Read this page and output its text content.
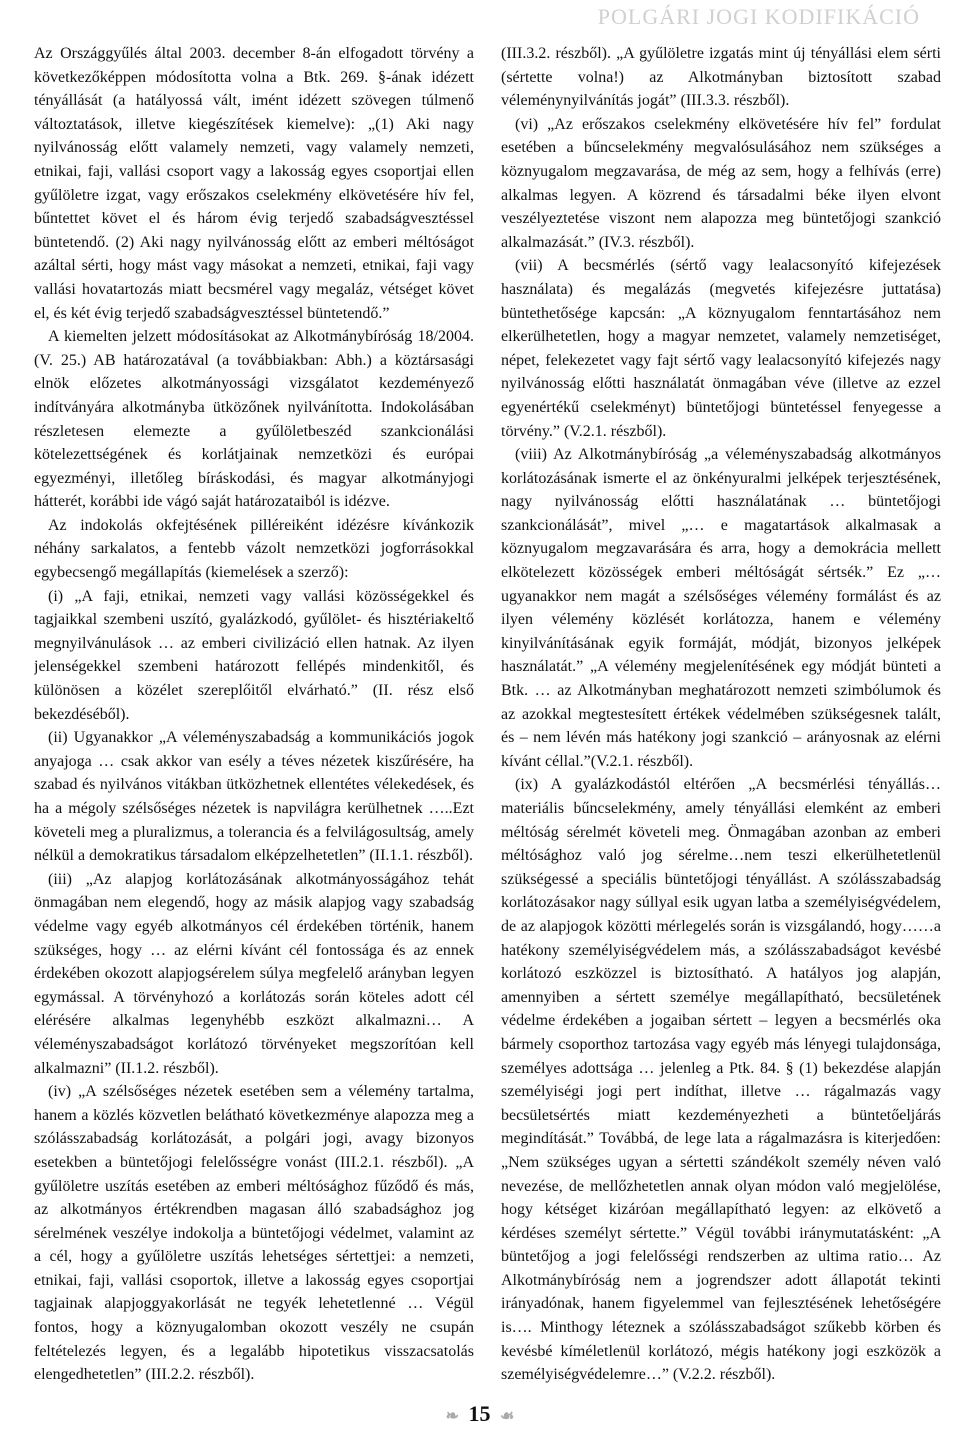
POLGÁRI JOGI KODIFIKÁCIÓ

Az Országgyűlés által 2003. december 8-án elfogadott törvény a következőképpen módosította volna a Btk. 269. §-ának idézett tényállását (a hatályossá vált, imént idézett szövegen túlmenő változtatások, illetve kiegészítések kiemelve): „(1) Aki nagy nyilvánosság előtt valamely nemzeti, vagy valamely nemzeti, etnikai, faji, vallási csoport vagy a lakosság egyes csoportjai ellen gyűlöletre izgat, vagy erőszakos cselekmény elkövetésére hív fel, bűntettet követ el és három évig terjedő szabadságvesztéssel büntetendő. (2) Aki nagy nyilvánosság előtt az emberi méltóságot azáltal sérti, hogy mást vagy másokat a nemzeti, etnikai, faji vagy vallási hovatartozás miatt becsmérel vagy megaláz, vétséget követ el, és két évig terjedő szabadságvesztéssel büntetendő.”

A kiemelten jelzett módosításokat az Alkotmánybíróság 18/2004. (V. 25.) AB határozatával (a továbbiakban: Abh.) a köztársasági elnök előzetes alkotmányossági vizsgálatot kezdeményező indítványára alkotmányba ütközőnek nyilvánította. Indokolásában részletesen elemezte a gyűlöletbeszéd szankcionálási kötelezettségének és korlátjainak nemzetközi és európai egyezményi, illetőleg bíráskodási, és magyar alkotmányjogi hátterét, korábbi ide vágó saját határozataiból is idézve.

Az indokolás okfejtésének pilléreiként idézésre kívánkozik néhány sarkalatos, a fentebb vázolt nemzetközi jogforrásokkal egybecsengő megállapítás (kiemelések a szerző):

(i) „A faji, etnikai, nemzeti vagy vallási közösségekkel és tagjaikkal szembeni uszító, gyalázkodó, gyűlölet- és hisztériakeltő megnyilvánulások … az emberi civilizáció ellen hatnak. Az ilyen jelenségekkel szembeni határozott fellépés mindenkitől, és különösen a közélet szereplőitől elvárható.” (II. rész első bekezdéséből).

(ii) Ugyanakkor „A véleményszabadság a kommunikációs jogok anyajoga … csak akkor van esély a téves nézetek kiszűrésére, ha szabad és nyilvános vitákban ütközhetnek ellentétes vélekedések, és ha a mégoly szélsőséges nézetek is napvilágra kerülhetnek …..Ezt követeli meg a pluralizmus, a tolerancia és a felvilágosultság, amely nélkül a demokratikus társadalom elképzelhetetlen” (II.1.1. részből).

(iii) „Az alapjog korlátozásának alkotmányosságához tehát önmagában nem elegendő, hogy az másik alapjog vagy szabadság védelme vagy egyéb alkotmányos cél érdekében történik, hanem szükséges, hogy … az elérni kívánt cél fontossága és az ennek érdekében okozott alapjogsérelem súlya megfelelő arányban legyen egymással. A törvényhozó a korlátozás során köteles adott cél elérésére alkalmas legenyhébb eszközt alkalmazni… A véleményszabadságot korlátozó törvényeket megszorítóan kell alkalmazni” (II.1.2. részből).

(iv) „A szélsőséges nézetek esetében sem a vélemény tartalma, hanem a közlés közvetlen belátható következménye alapozza meg a szólásszabadság korlátozását, a polgári jogi, avagy bizonyos esetekben a büntetőjogi felelősségre vonást (III.2.1. részből). „A gyűlöletre uszítás esetében az emberi méltósághoz fűződő és más, az alkotmányos értékrendben magasan álló szabadsághoz jog sérelmének veszélye indokolja a büntetőjogi védelmet, valamint az a cél, hogy a gyűlöletre uszítás lehetséges sértettjei: a nemzeti, etnikai, faji, vallási csoportok, illetve a lakosság egyes csoportjai tagjainak alapjoggyakorlását ne tegyék lehetetlenné … Végül fontos, hogy a köznyugalomban okozott veszély ne csupán feltételezés legyen, és a legalább hipotetikus visszacsatolás elengedhetetlen” (III.2.2. részből).

(III.3.2. részből). „A gyűlöletre izgatás mint új tényállási elem sérti (sértette volna!) az Alkotmányban biztosított szabad véleménynyilvánítás jogát” (III.3.3. részből).

(vi) „Az erőszakos cselekmény elkövetésére hív fel” fordulat esetében a bűncselekmény megvalósulásához nem szükséges a köznyugalom megzavarása, de még az sem, hogy a felhívás (erre) alkalmas legyen. A közrend és társadalmi béke ilyen elvont veszélyeztetése viszont nem alapozza meg büntetőjogi szankció alkalmazását.” (IV.3. részből).

(vii) A becsmérlés (sértő vagy lealacsonyító kifejezések használata) és megalázás (megvetés kifejezésre juttatása) büntethetősége kapcsán: „A köznyugalom fenntartásához nem elkerülhetetlen, hogy a magyar nemzetet, valamely nemzetiséget, népet, felekezetet vagy fajt sértő vagy lealacsonyító kifejezés nagy nyilvánosság előtti használatát önmagában véve (illetve az ezzel egyenértékű cselekményt) büntetőjogi büntetéssel fenyegesse a törvény.” (V.2.1. részből).

(viii) Az Alkotmánybíróság „a véleményszabadság alkotmányos korlátozásának ismerte el az önkényuralmi jelképek terjesztésének, nagy nyilvánosság előtti használatának … büntetőjogi szankcionálását”, mivel „… e magatartások alkalmasak a köznyugalom megzavarására és arra, hogy a demokrácia mellett elkötelezett közösségek emberi méltóságát sértsék.” Ez „… ugyanakkor nem magát a szélsőséges vélemény formálást és az ilyen vélemény közlését korlátozza, hanem e vélemény kinyilvánításának egyik formáját, módját, bizonyos jelképek használatát.” „A vélemény megjelenítésének egy módját bünteti a Btk. … az Alkotmányban meghatározott nemzeti szimbólumok és az azokkal megtestesített értékek védelmében szükségesnek talált, és – nem lévén más hatékony jogi szankció – arányosnak az elérni kívánt céllal.”(V.2.1. részből).

(ix) A gyalázkodástól eltérően „A becsmérlési tényállás… materiális bűncselekmény, amely tényállási elemként az emberi méltóság sérelmét követeli meg. Önmagában azonban az emberi méltósághoz való jog sérelme…nem teszi elkerülhetetlenül szükségessé a speciális büntetőjogi tényállást. A szólásszabadság korlátozásakor nagy súllyal esik ugyan latba a személyiségvédelem, de az alapjogok közötti mérlegelés során is vizsgálandó, hogy……a hatékony személyiségvédelem más, a szólásszabadságot kevésbé korlátozó eszközzel is biztosítható. A hatályos jog alapján, amennyiben a sértett személye megállapítható, becsületének védelme érdekében a jogaiban sértett – legyen a becsmérlés oka bármely csoporthoz tartozása vagy egyéb más lényegi tulajdonsága, személyes adottsága … jelenleg a Ptk. 84. § (1) bekezdése alapján személyiségi jogi pert indíthat, illetve … rágalmazás vagy becsületsértés miatt kezdeményezheti a büntetőeljárás megindítását.” Továbbá, de lege lata a rágalmazásra is kiterjedően: „Nem szükséges ugyan a sértetti szándékolt személy néven való nevezése, de mellőzhetetlen annak olyan módon való megjelölése, hogy kétséget kizáróan megállapítható legyen: az elkövető a kérdéses személyt sértette.” Végül további iránymutatásként: „A büntetőjog a jogi felelősségi rendszerben az ultima ratio… Az Alkotmánybíróság nem a jogrendszer adott állapotát tekinti irányadónak, hanem figyelemmel van fejlesztésének lehetőségére is…. Minthogy léteznek a szólásszabadságot szűkebb körben és kevésbé kíméletlenül korlátozó, mégis hatékony jogi eszközök a személyiségvédelemre…” (V.2.2. részből).

❧ 15 ☙
